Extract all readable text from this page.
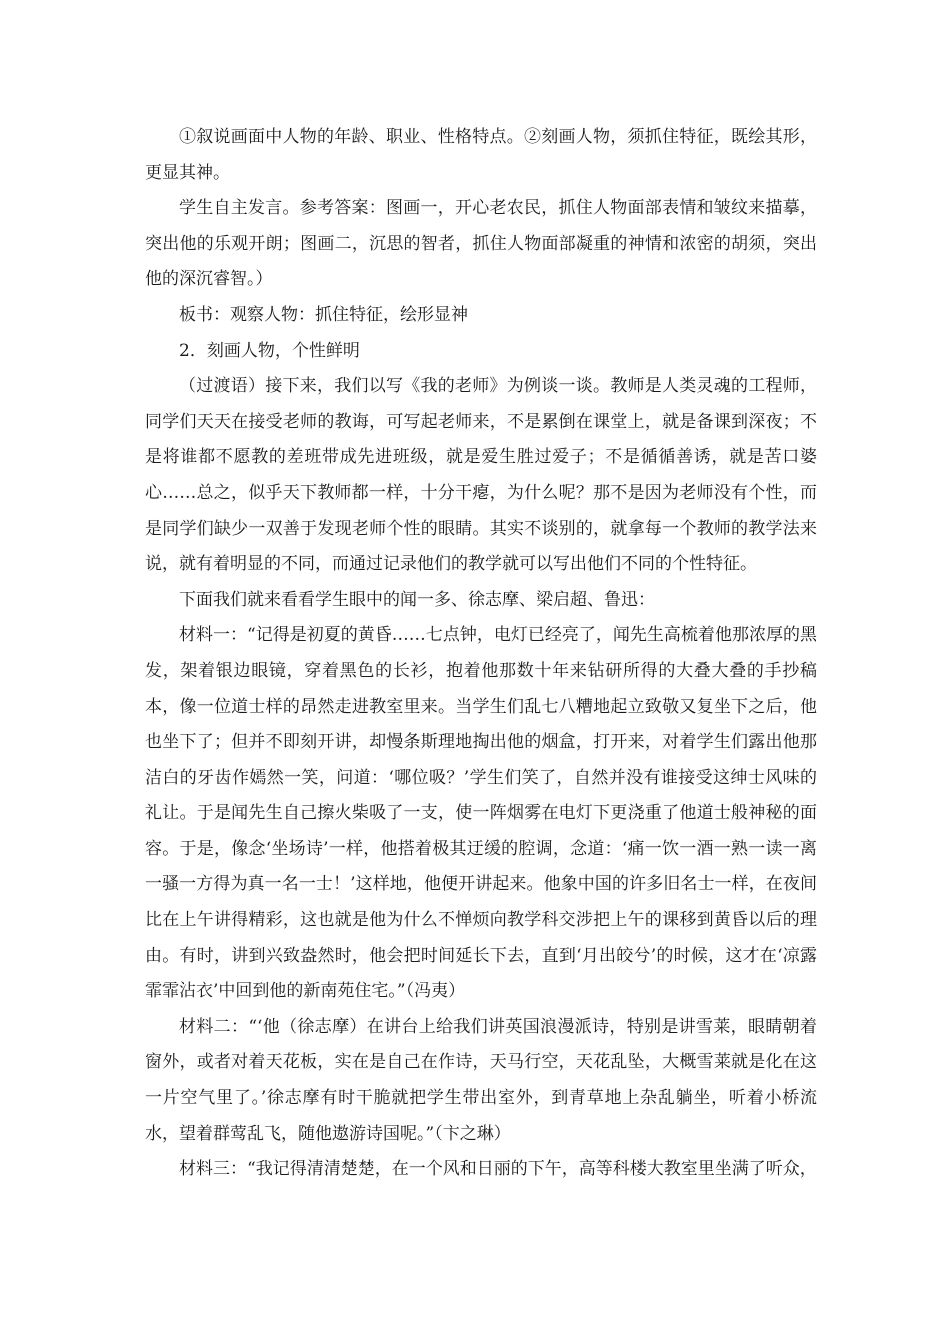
①叙说画面中人物的年龄、职业、性格特点。②刻画人物，须抓住特征，既绘其形，更显其神。

学生自主发言。参考答案：图画一，开心老农民，抓住人物面部表情和皱纹来描摹，突出他的乐观开朗；图画二，沉思的智者，抓住人物面部凝重的神情和浓密的胡须，突出他的深沉睿智。）

板书：观察人物：抓住特征，绘形显神

2．刻画人物，个性鲜明

（过渡语）接下来，我们以写《我的老师》为例谈一谈。教师是人类灵魂的工程师，同学们天天在接受老师的教诲，可写起老师来，不是累倒在课堂上，就是备课到深夜；不是将谁都不愿教的差班带成先进班级，就是爱生胜过爱子；不是循循善诱，就是苦口婆心……总之，似乎天下教师都一样，十分干瘪，为什么呢？那不是因为老师没有个性，而是同学们缺少一双善于发现老师个性的眼睛。其实不谈别的，就拿每一个教师的教学法来说，就有着明显的不同，而通过记录他们的教学就可以写出他们不同的个性特征。

下面我们就来看看学生眼中的闻一多、徐志摩、梁启超、鲁迅：

材料一：“记得是初夏的黄昏……七点钟，电灯已经亮了，闻先生高梳着他那浓厚的黑发，架着银边眼镜，穿着黑色的长衫，抱着他那数十年来钻研所得的大叠大叠的手抄稿本，像一位道士样的昂然走进教室里来。当学生们乱七八糟地起立致敬又复坐下之后，他也坐下了；但并不即刻开讲，却慢条斯理地掏出他的烟盒，打开来，对着学生们露出他那洁白的牙齿作嫣然一笑，问道：‘哪位吸？’学生们笑了，自然并没有谁接受这绅士风味的礼让。于是闻先生自己擦火柴吸了一支，使一阵烟雾在电灯下更浇重了他道士般神秘的面容。于是，像念‘坐场诗’一样，他搭着极其迂缓的腔调，念道：‘痛一饮一酒一熟一读一离一骚一方得为真一名一士！’这样地，他便开讲起来。他象中国的许多旧名士一样，在夜间比在上午讲得精彩，这也就是他为什么不惮烦向教学科交涉把上午的课移到黄昏以后的理由。有时，讲到兴致盎然时，他会把时间延长下去，直到‘月出皎兮’的时候，这才在‘凉露霏霏沾衣’中回到他的新南苑住宅。”（冯夷）

材料二：“‘他（徐志摩）在讲台上给我们讲英国浪漫派诗，特别是讲雪莱，眼睛朝着窗外，或者对着天花板，实在是自己在作诗，天马行空，天花乱坠，大概雪莱就是化在这一片空气里了。’徐志摩有时干脆就把学生带出室外，到青草地上杂乱躺坐，听着小桥流水，望着群莺乱飞，随他遨游诗国呢。”（卞之琳）

材料三：“我记得清清楚楚，在一个风和日丽的下午，高等科楼大教室里坐满了听众，
